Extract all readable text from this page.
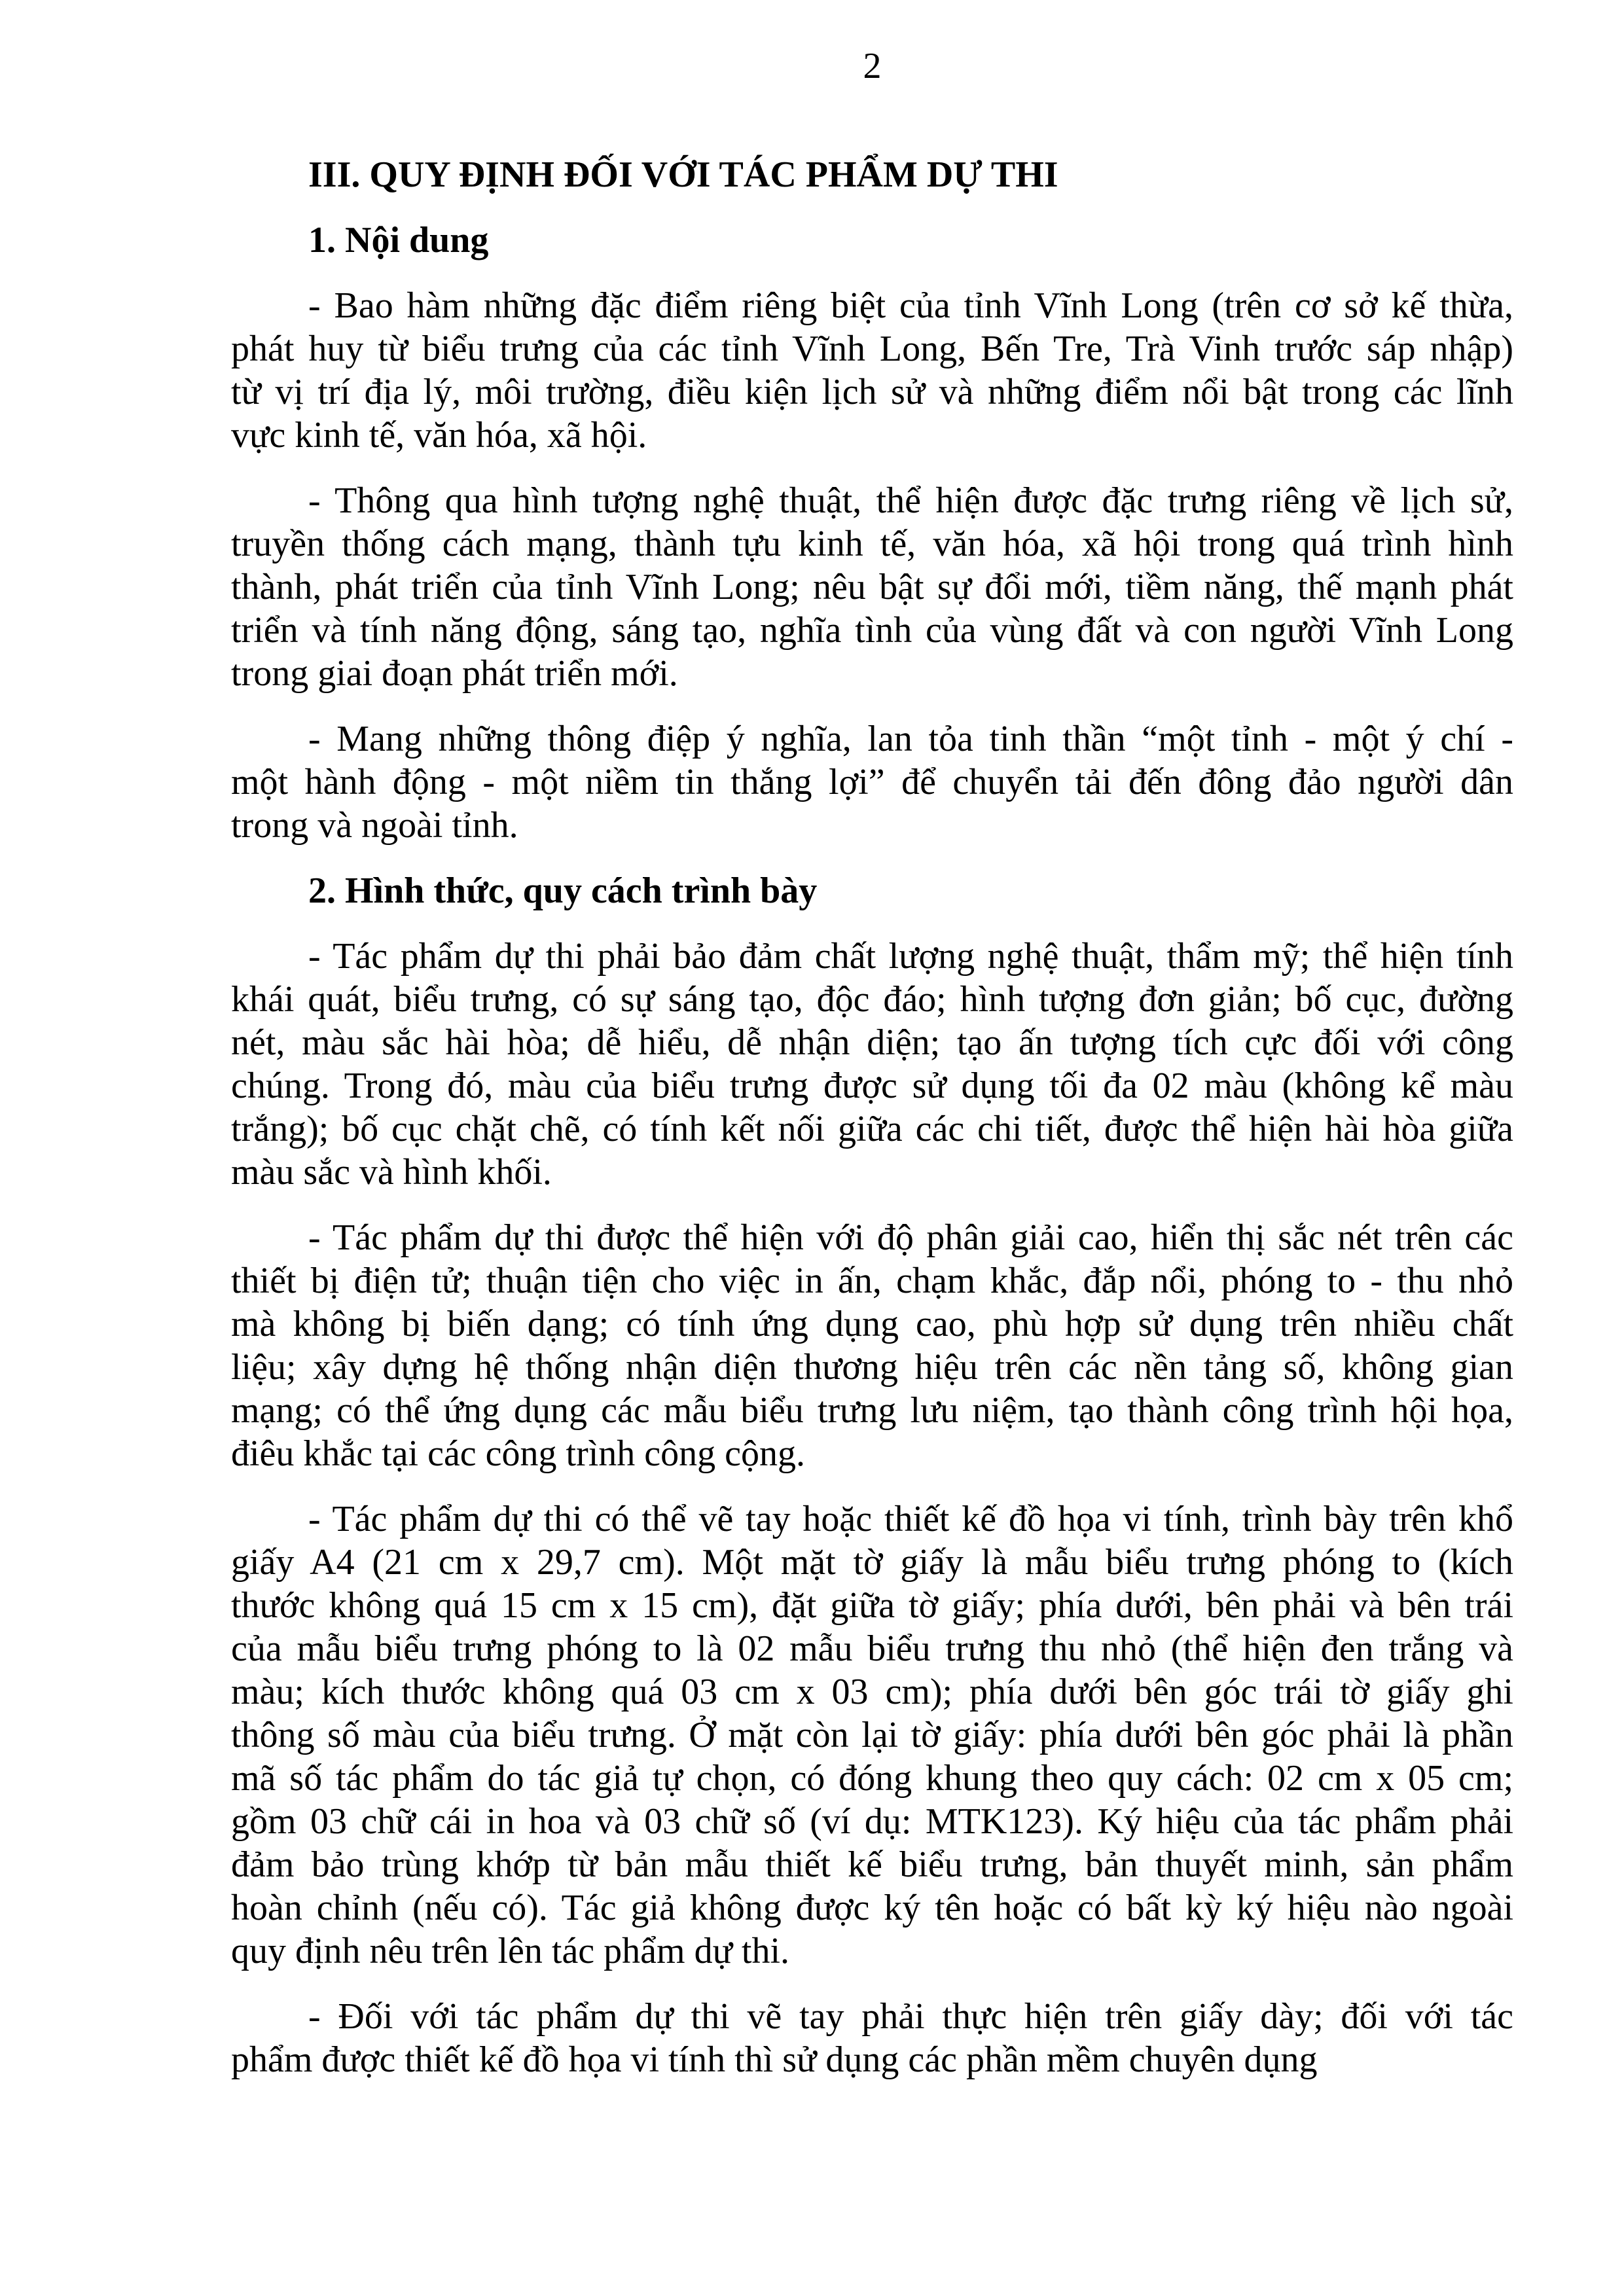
2
III. QUY ĐỊNH ĐỐI VỚI TÁC PHẨM DỰ THI
1. Nội dung
- Bao hàm những đặc điểm riêng biệt của tỉnh Vĩnh Long (trên cơ sở kế thừa,
phát huy từ biểu trưng của các tỉnh Vĩnh Long, Bến Tre, Trà Vinh trước sáp nhập)
từ vị trí địa lý, môi trường, điều kiện lịch sử và những điểm nổi bật trong các lĩnh
vực kinh tế, văn hóa, xã hội.
- Thông qua hình tượng nghệ thuật, thể hiện được đặc trưng riêng về lịch sử,
truyền thống cách mạng, thành tựu kinh tế, văn hóa, xã hội trong quá trình hình
thành, phát triển của tỉnh Vĩnh Long; nêu bật sự đổi mới, tiềm năng, thế mạnh phát
triển và tính năng động, sáng tạo, nghĩa tình của vùng đất và con người Vĩnh Long
trong giai đoạn phát triển mới.
- Mang những thông điệp ý nghĩa, lan tỏa tinh thần “một tỉnh - một ý chí -
một hành động - một niềm tin thắng lợi” để chuyển tải đến đông đảo người dân
trong và ngoài tỉnh.
2. Hình thức, quy cách trình bày
- Tác phẩm dự thi phải bảo đảm chất lượng nghệ thuật, thẩm mỹ; thể hiện tính
khái quát, biểu trưng, có sự sáng tạo, độc đáo; hình tượng đơn giản; bố cục, đường
nét, màu sắc hài hòa; dễ hiểu, dễ nhận diện; tạo ấn tượng tích cực đối với công
chúng. Trong đó, màu của biểu trưng được sử dụng tối đa 02 màu (không kể màu
trắng); bố cục chặt chẽ, có tính kết nối giữa các chi tiết, được thể hiện hài hòa giữa
màu sắc và hình khối.
- Tác phẩm dự thi được thể hiện với độ phân giải cao, hiển thị sắc nét trên các
thiết bị điện tử; thuận tiện cho việc in ấn, chạm khắc, đắp nổi, phóng to - thu nhỏ
mà không bị biến dạng; có tính ứng dụng cao, phù hợp sử dụng trên nhiều chất
liệu; xây dựng hệ thống nhận diện thương hiệu trên các nền tảng số, không gian
mạng; có thể ứng dụng các mẫu biểu trưng lưu niệm, tạo thành công trình hội họa,
điêu khắc tại các công trình công cộng.
- Tác phẩm dự thi có thể vẽ tay hoặc thiết kế đồ họa vi tính, trình bày trên khổ
giấy A4 (21 cm x 29,7 cm). Một mặt tờ giấy là mẫu biểu trưng phóng to (kích
thước không quá 15 cm x 15 cm), đặt giữa tờ giấy; phía dưới, bên phải và bên trái
của mẫu biểu trưng phóng to là 02 mẫu biểu trưng thu nhỏ (thể hiện đen trắng và
màu; kích thước không quá 03 cm x 03 cm); phía dưới bên góc trái tờ giấy ghi
thông số màu của biểu trưng. Ở mặt còn lại tờ giấy: phía dưới bên góc phải là phần
mã số tác phẩm do tác giả tự chọn, có đóng khung theo quy cách: 02 cm x 05 cm;
gồm 03 chữ cái in hoa và 03 chữ số (ví dụ: MTK123). Ký hiệu của tác phẩm phải
đảm bảo trùng khớp từ bản mẫu thiết kế biểu trưng, bản thuyết minh, sản phẩm
hoàn chỉnh (nếu có). Tác giả không được ký tên hoặc có bất kỳ ký hiệu nào ngoài
quy định nêu trên lên tác phẩm dự thi.
- Đối với tác phẩm dự thi vẽ tay phải thực hiện trên giấy dày; đối với tác
phẩm được thiết kế đồ họa vi tính thì sử dụng các phần mềm chuyên dụng
